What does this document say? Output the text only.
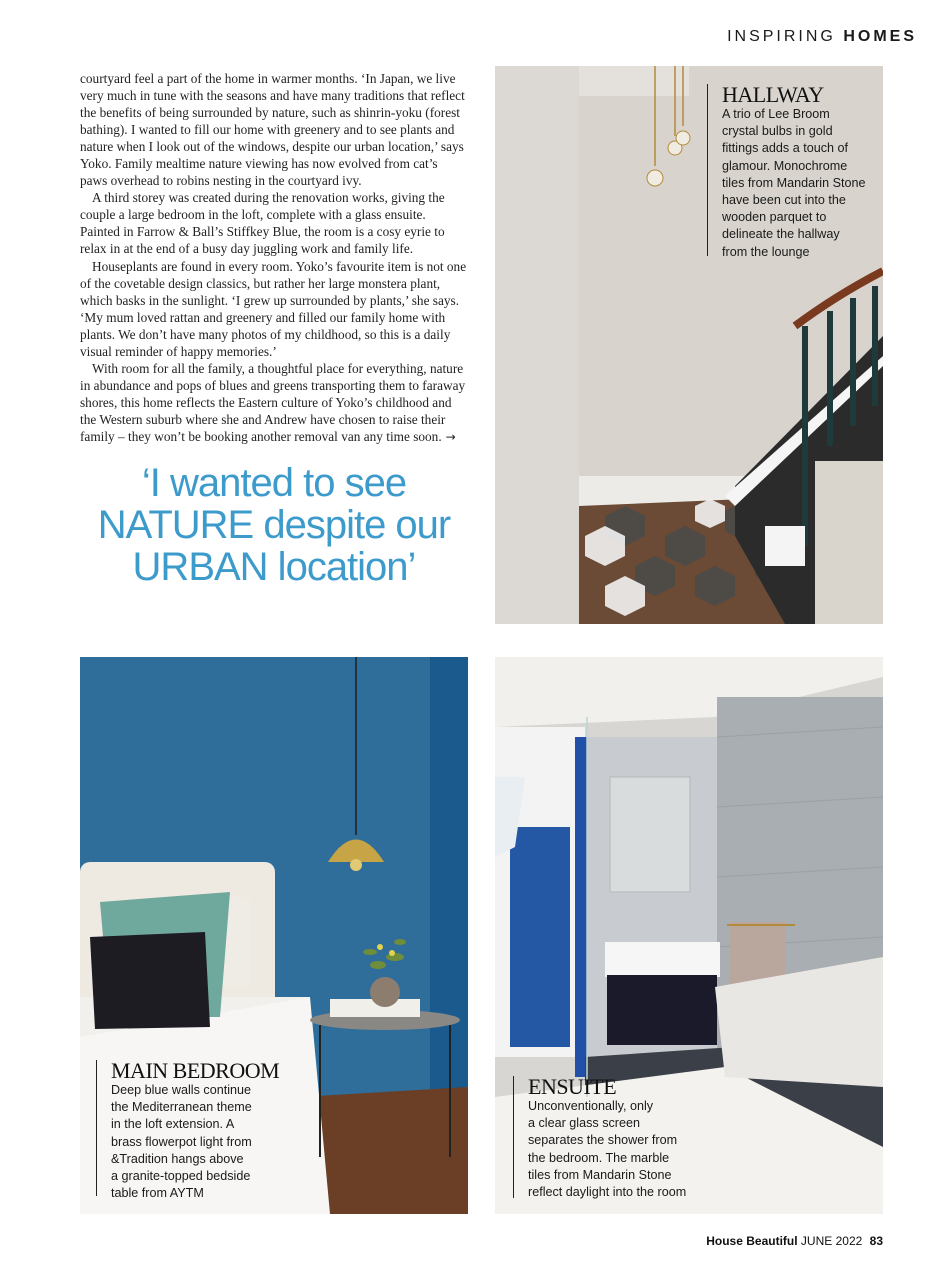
INSPIRING HOMES

courtyard feel a part of the home in warmer months. ‘In Japan, we live very much in tune with the seasons and have many traditions that reflect the benefits of being surrounded by nature, such as shinrin-yoku (forest bathing). I wanted to fill our home with greenery and to see plants and nature when I look out of the windows, despite our urban location,’ says Yoko. Family mealtime nature viewing has now evolved from cat’s paws overhead to robins nesting in the courtyard ivy.

A third storey was created during the renovation works, giving the couple a large bedroom in the loft, complete with a glass ensuite. Painted in Farrow & Ball’s Stiffkey Blue, the room is a cosy eyrie to relax in at the end of a busy day juggling work and family life.

Houseplants are found in every room. Yoko’s favourite item is not one of the covetable design classics, but rather her large monstera plant, which basks in the sunlight. ‘I grew up surrounded by plants,’ she says. ‘My mum loved rattan and greenery and filled our family home with plants. We don’t have many photos of my childhood, so this is a daily visual reminder of happy memories.’

With room for all the family, a thoughtful place for everything, nature in abundance and pops of blues and greens transporting them to faraway shores, this home reflects the Eastern culture of Yoko’s childhood and the Western suburb where she and Andrew have chosen to raise their family – they won’t be booking another removal van any time soon. →

‘I wanted to see NATURE despite our URBAN location’
HALLWAY
A trio of Lee Broom
crystal bulbs in gold
fittings adds a touch of
glamour. Monochrome
tiles from Mandarin Stone
have been cut into the
wooden parquet to
delineate the hallway
from the lounge
MAIN BEDROOM
Deep blue walls continue
the Mediterranean theme
in the loft extension. A
brass flowerpot light from
&Tradition hangs above
a granite-topped bedside
table from AYTM
ENSUITE
Unconventionally, only
a clear glass screen
separates the shower from
the bedroom. The marble
tiles from Mandarin Stone
reflect daylight into the room
House Beautiful JUNE 2022 83
